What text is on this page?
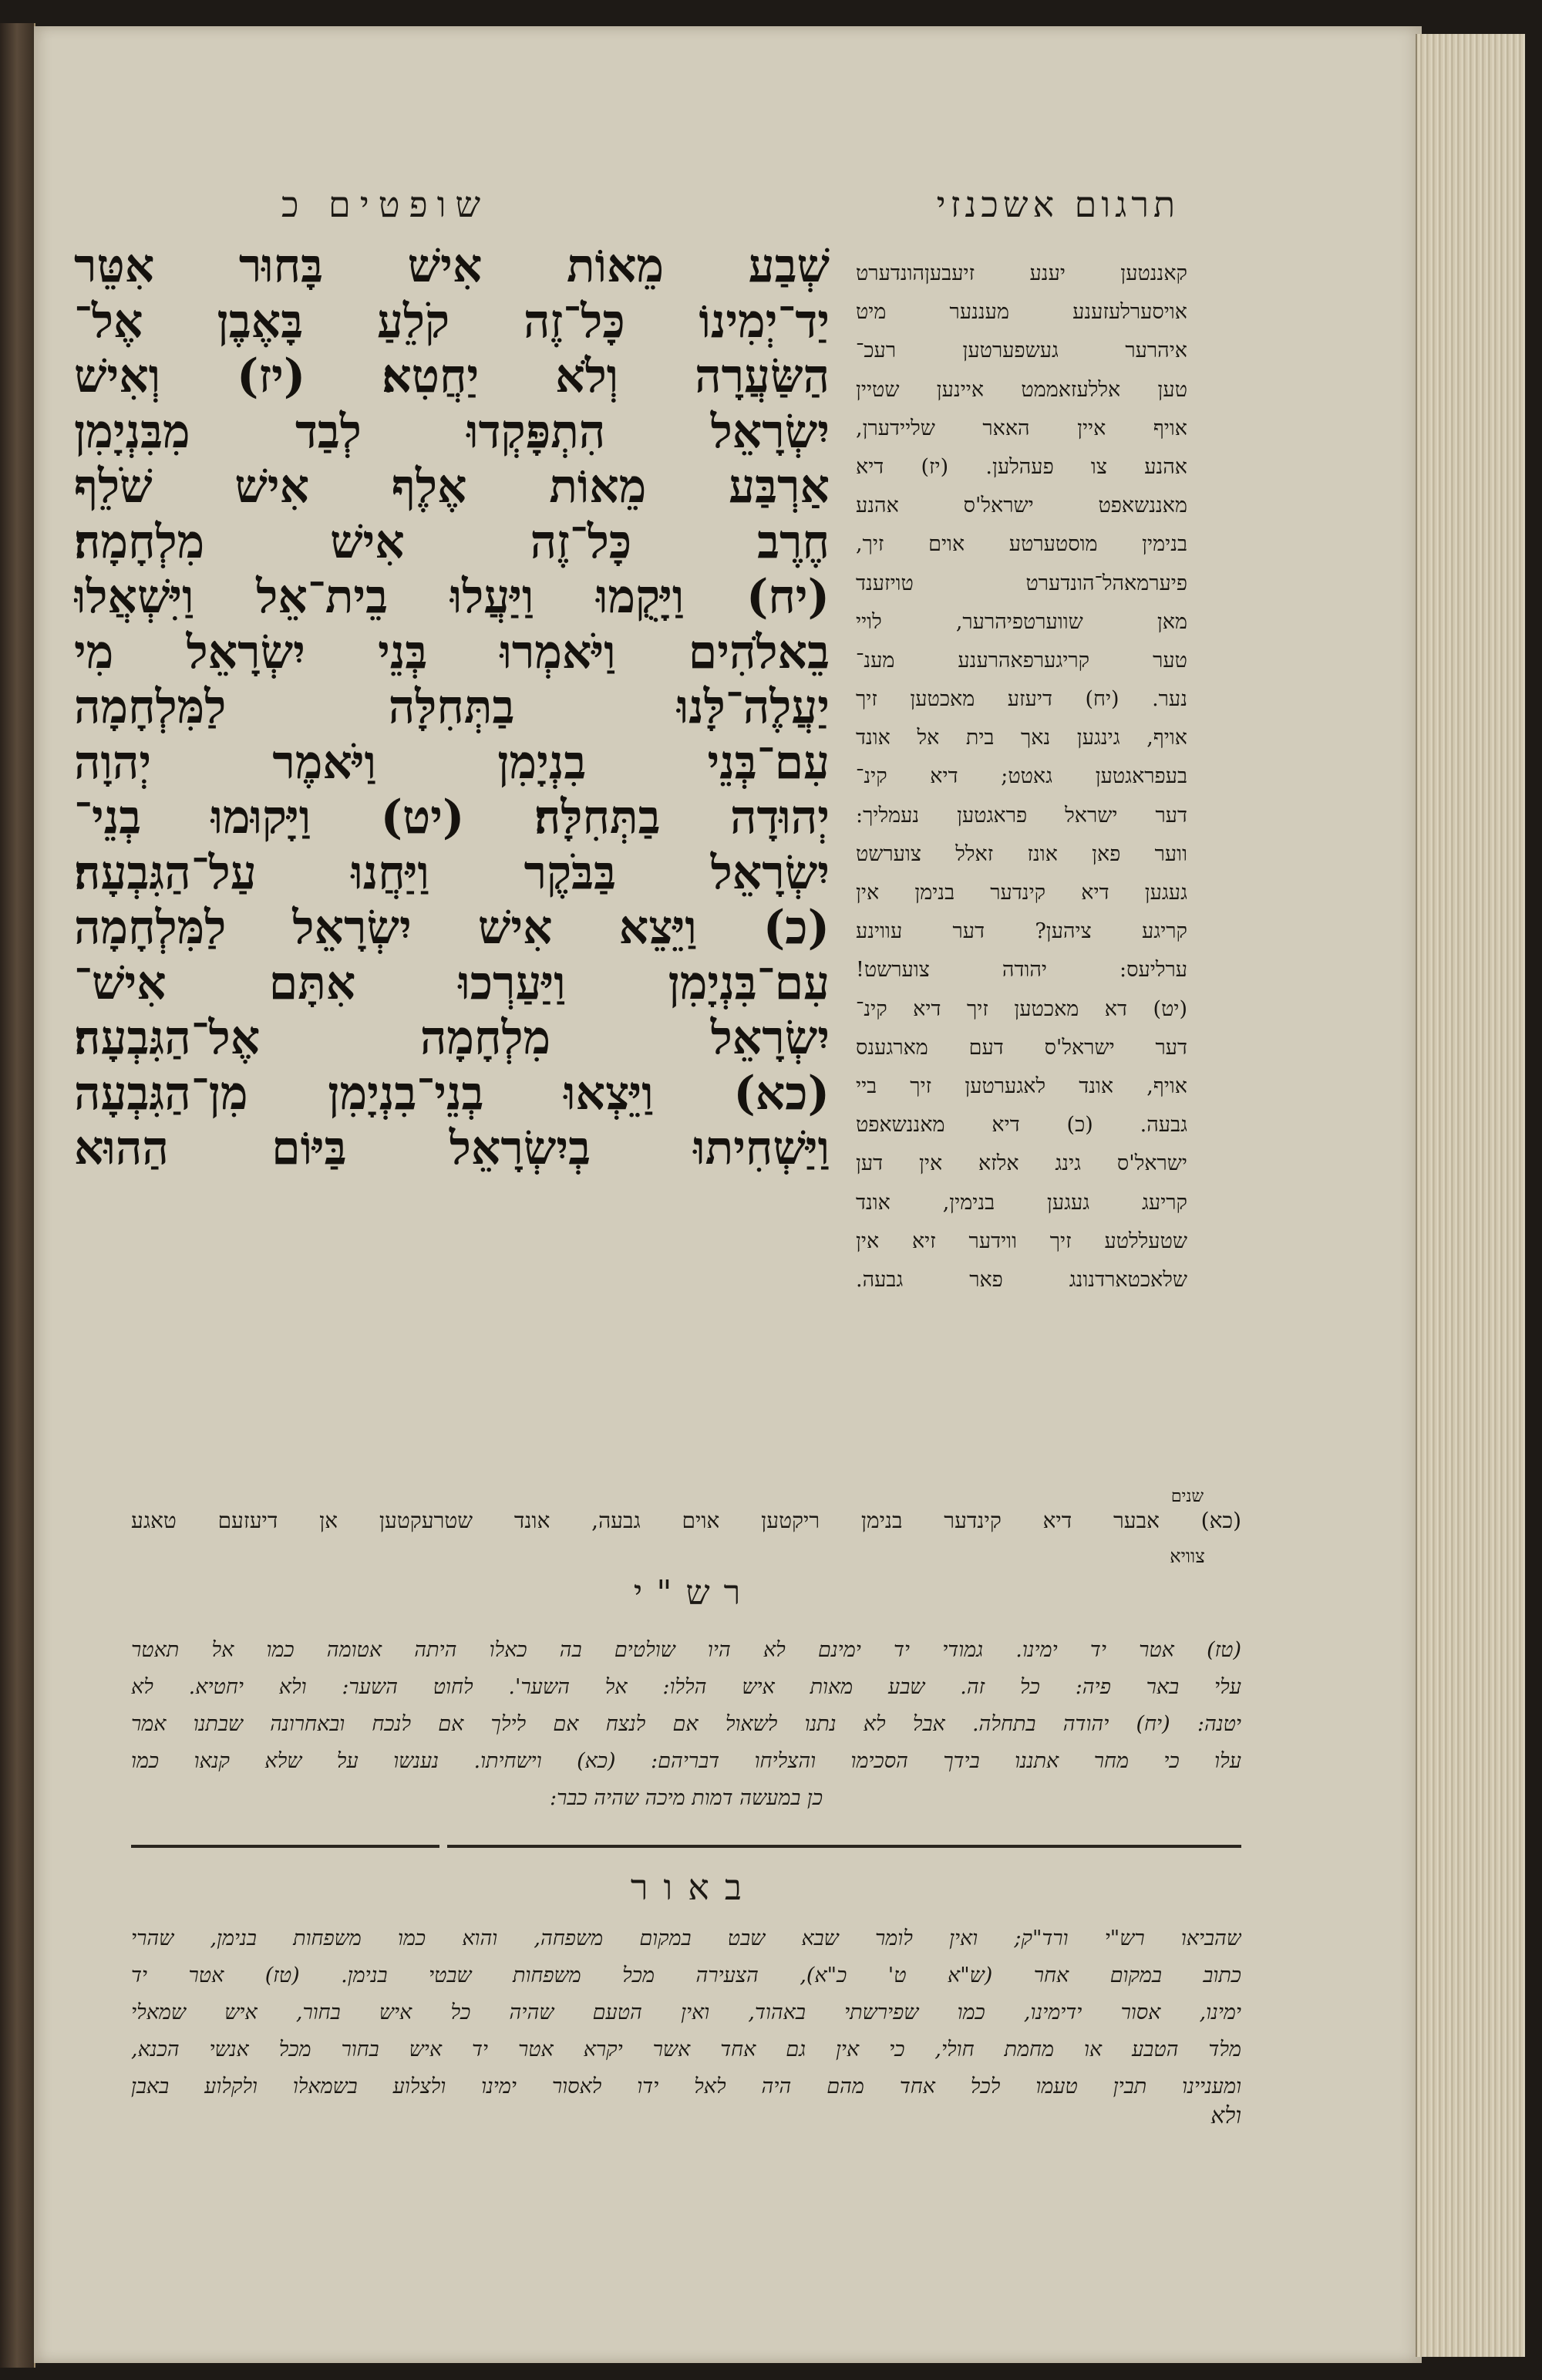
תרגום אשכנזי
שופטים כ
שְׁבַע מֵאוֹת אִישׁ בָּחוּר אִטֵּר
יַד־יְמִינוֹ כָּל־זֶה קֹלֵעַ בָּאֶבֶן אֶל־
הַשַּׂעֲרָה וְלֹא יַחֲטִא׃ (יז) וְאִישׁ
יִשְׂרָאֵל הִתְפָּקְדוּ לְבַד מִבִּנְיָמִן
אַרְבַּע מֵאוֹת אֶלֶף אִישׁ שֹׁלֵף
חֶרֶב כָּל־זֶה אִישׁ מִלְחָמָה׃
(יח) וַיָּקֻמוּ וַיַּעֲלוּ בֵית־אֵל וַיִּשְׁאֲלוּ
בֵאלֹהִים וַיֹּאמְרוּ בְּנֵי יִשְׂרָאֵל מִי
יַעֲלֶה־לָּנוּ בַתְּחִלָּה לַמִּלְחָמָה
עִם־בְּנֵי בִנְיָמִן וַיֹּאמֶר יְהוָה
יְהוּדָה בַתְּחִלָּה׃ (יט) וַיָּקוּמוּ בְנֵי־
יִשְׂרָאֵל בַּבֹּקֶר וַיַּחֲנוּ עַל־הַגִּבְעָה׃
(כ) וַיֵּצֵא אִישׁ יִשְׂרָאֵל לַמִּלְחָמָה
עִם־בִּנְיָמִן וַיַּעַרְכוּ אִתָּם אִישׁ־
יִשְׂרָאֵל מִלְחָמָה אֶל־הַגִּבְעָה׃
(כא) וַיֵּצְאוּ בְנֵי־בִנְיָמִן מִן־הַגִּבְעָה
וַיַּשְׁחִיתוּ בְיִשְׂרָאֵל בַּיּוֹם הַהוּא
קאננטען יענע זיעבעןהונדערט
אויסערלעזענע מעננער מיט
איהרער געשפערטען רעכ־
טען אללעזאממט איינען שטיין
אויף איין האאר שליידערן,
אהנע צו פעהלען. (יז) דיא
מאננשאפט ישראל'ס אהנע
בנימין מוסטערטע אוים זיך,
פיערמאהל־הונדערט טויזענד
מאן שווערטפיהרער, לויי
טער קריגערפאהרענע מענ־
נער. (יח) דיעזע מאכטען זיך
אויף, גינגען נאך בית אל אונד
בעפראגטען גאטט; דיא קינ־
דער ישראל פראגטען נעמליך:
ווער פאן אונז זאלל צוערשט
געגען דיא קינדער בנימן אין
קריגע ציהען? דער עווינע
ערליעס: יהודה צוערשט!
(יט) דא מאכטען זיך דיא קינ־
דער ישראל'ס דעם מארגענס
אויף, אונד לאגערטען זיך ביי
גבעה. (כ) דיא מאננשאפט
ישראל'ס גינג אלזא אין דען
קריעג געגען בנימין, אונד
שטעללטע זיך ווידער זיא אין
שלאכטארדנונג פאר גבעה.
שנים
(כא) אבער דיא קינדער בנימן ריקטען אוים גבעה, אונד שטרעקטען אן דיעזעם טאגע
צוויא
רש"י
(טז) אטר יד ימינו. גמודי יד ימינם לא היו שולטים בה כאלו היתה אטומה כמו אל תאטר
עלי באר פיה: כל זה. שבע מאות איש הללו: אל השער'. לחוט השער: ולא יחטיא. לא
יטנה: (יח) יהודה בתחלה. אבל לא נתנו לשאול אם לנצח אם לילך אם לנכח ובאחרונה שבתנו אמר
עלו כי מחר אתננו בידך הסכימו והצליחו דבריהם: (כא) וישחיתו. נענשו על שלא קנאו כמו
כן במעשה דמות מיכה שהיה כבר:
באור
שהביאו רש"י ורד"ק; ואין לומר שבא שבט במקום משפחה, והוא כמו משפחות בנימן, שהרי
כתוב במקום אחר (ש"א ט' כ"א), הצעירה מכל משפחות שבטי בנימן. (טז) אטר יד
ימינו, אסור ידימינו, כמו שפירשתי באהוד, ואין הטעם שהיה כל איש בחור, איש שמאלי
מלד הטבע או מחמת חולי, כי אין גם אחד אשר יקרא אטר יד איש בחור מכל אנשי הכנא,
ומעניינו תבין טעמו לכל אחד מהם היה לאל ידו לאסור ימינו ולצלוע בשמאלו ולקלוע באבן
ולא
